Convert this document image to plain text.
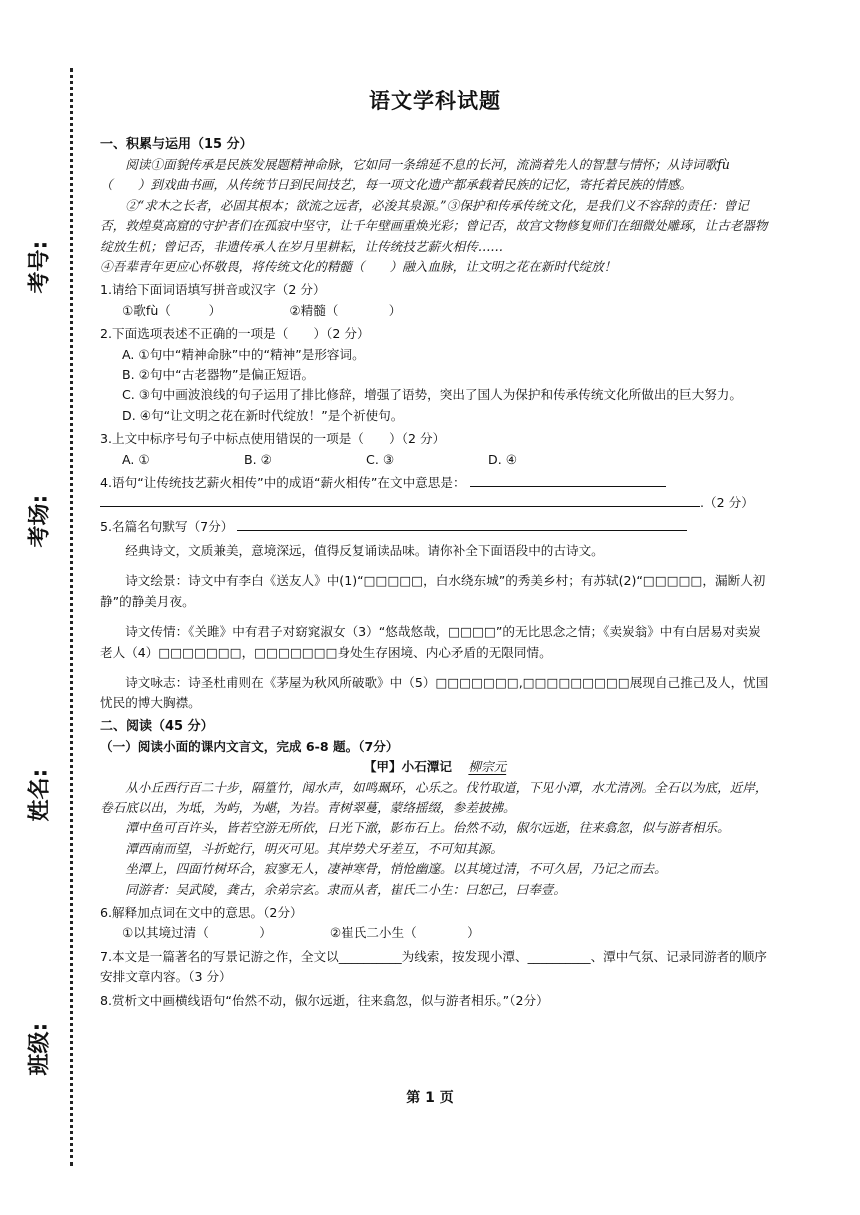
考号:
考场:
姓名:
班级:
语文学科试题

一、积累与运用（15 分）

阅读①面貌传承是民族发展题精神命脉，它如同一条绵延不息的长河，流淌着先人的智慧与情怀；从诗词歌fù（　　）到戏曲书画，从传统节日到民间技艺，每一项文化遗产都承载着民族的记忆，寄托着民族的情感。

②“求木之长者，必固其根本；欲流之远者，必浚其泉源。”③保护和传承传统文化，是我们义不容辞的责任：曾记否，敦煌莫高窟的守护者们在孤寂中坚守，让千年壁画重焕光彩；曾记否，故宫文物修复师们在细微处雕琢，让古老器物绽放生机；曾记否，非遗传承人在岁月里耕耘，让传统技艺薪火相传……

④吾辈青年更应心怀敬畏，将传统文化的精髓（　　）融入血脉，让文明之花在新时代绽放！

1.请给下面词语填写拼音或汉字（2 分）

①歌fù（　　　）	②精髓（　　　　）

2.下面选项表述不正确的一项是（　　）（2 分）

A. ①句中“精神命脉”中的“精神”是形容词。

B. ②句中“古老器物”是偏正短语。

C. ③句中画波浪线的句子运用了排比修辞，增强了语势，突出了国人为保护和传承传统文化所做出的巨大努力。

D. ④句“让文明之花在新时代绽放！”是个祈使句。

3.上文中标序号句子中标点使用错误的一项是（　　）（2 分）

A. ①	B. ②	C. ③	D. ④

4.语句“让传统技艺薪火相传”中的成语“薪火相传”在文中意思是：

.（2 分）

5.名篇名句默写（7分）

经典诗文，文质兼美，意境深远，值得反复诵读品味。请你补全下面语段中的古诗文。

诗文绘景：诗文中有李白《送友人》中(1)“□□□□□，白水绕东城”的秀美乡村；有苏轼(2)“□□□□□，漏断人初静”的静美月夜。

诗文传情：《关雎》中有君子对窈窕淑女（3）“悠哉悠哉，□□□□”的无比思念之情；《卖炭翁》中有白居易对卖炭老人（4）□□□□□□□，□□□□□□□身处生存困境、内心矛盾的无限同情。

诗文咏志：诗圣杜甫则在《茅屋为秋风所破歌》中（5）□□□□□□□,□□□□□□□□□展现自己推己及人，忧国忧民的博大胸襟。

二、阅读（45 分）

（一）阅读小面的课内文言文，完成 6-8 题。（7分）

【甲】小石潭记 柳宗元

从小丘西行百二十步，隔篁竹，闻水声，如鸣珮环，心乐之。伐竹取道，下见小潭，水尤清冽。全石以为底，近岸，卷石底以出，为坻，为屿，为嵁，为岩。青树翠蔓，蒙络摇缀，参差披拂。

潭中鱼可百许头，皆若空游无所依，日光下澈，影布石上。佁然不动，俶尔远逝，往来翕忽，似与游者相乐。

潭西南而望，斗折蛇行，明灭可见。其岸势犬牙差互，不可知其源。

坐潭上，四面竹树环合，寂寥无人，凄神寒骨，悄怆幽邃。以其境过清，不可久居，乃记之而去。

同游者：吴武陵，龚古，余弟宗玄。隶而从者，崔氏二小生：曰恕己，曰奉壹。

6.解释加点词在文中的意思。（2分）

①以其境过清（　　　　）	②崔氏二小生（　　　　）

7.本文是一篇著名的写景记游之作，全文以__________为线索，按发现小潭、__________、潭中气氛、记录同游者的顺序安排文章内容。（3 分）

8.赏析文中画横线语句“佁然不动，俶尔远逝，往来翕忽，似与游者相乐。”（2分）

第 1 页
